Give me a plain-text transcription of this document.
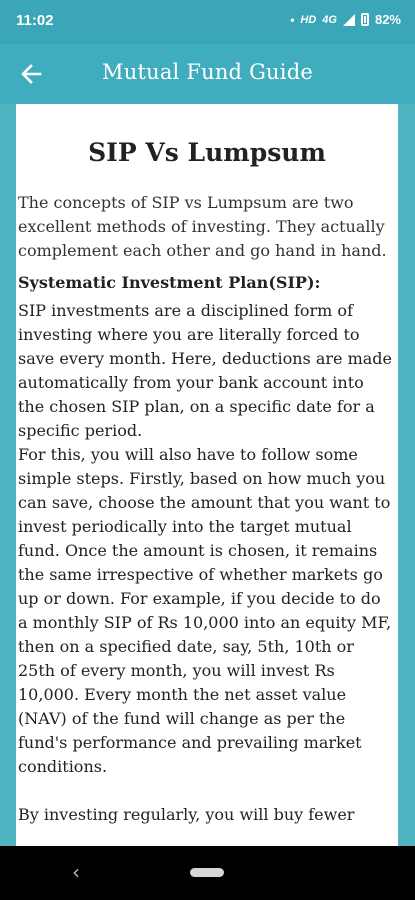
11:02	• HD 4G	82%
Mutual Fund Guide
SIP Vs Lumpsum

The concepts of SIP vs Lumpsum are two excellent methods of investing. They actually complement each other and go hand in hand.

Systematic Investment Plan(SIP):

SIP investments are a disciplined form of investing where you are literally forced to save every month. Here, deductions are made automatically from your bank account into the chosen SIP plan, on a specific date for a specific period.

For this, you will also have to follow some simple steps. Firstly, based on how much you can save, choose the amount that you want to invest periodically into the target mutual fund. Once the amount is chosen, it remains the same irrespective of whether markets go up or down. For example, if you decide to do a monthly SIP of Rs 10,000 into an equity MF, then on a specified date, say, 5th, 10th or 25th of every month, you will invest Rs 10,000. Every month the net asset value (NAV) of the fund will change as per the fund's performance and prevailing market conditions.

By investing regularly, you will buy fewer

‹
